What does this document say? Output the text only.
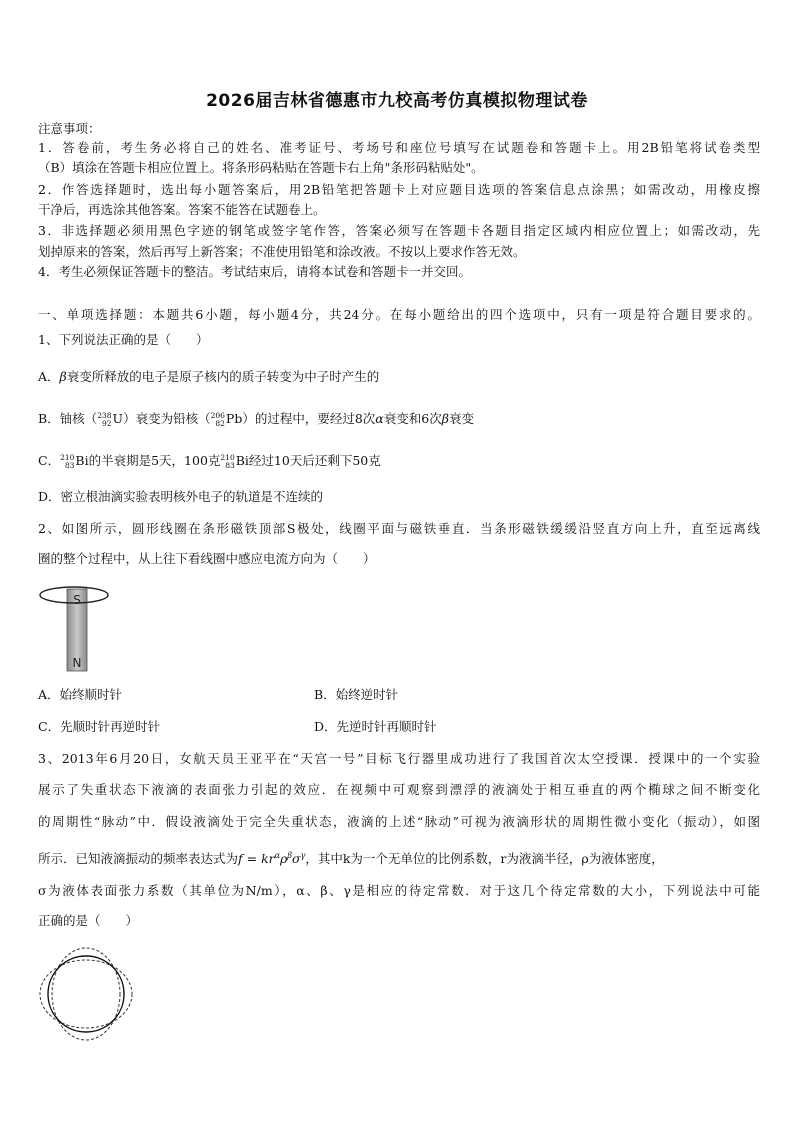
2026届吉林省德惠市九校高考仿真模拟物理试卷
注意事项：
1．答卷前，考生务必将自己的姓名、准考证号、考场号和座位号填写在试题卷和答题卡上。用2B铅笔将试卷类型
（B）填涂在答题卡相应位置上。将条形码粘贴在答题卡右上角"条形码粘贴处"。
2．作答选择题时，选出每小题答案后，用2B铅笔把答题卡上对应题目选项的答案信息点涂黑；如需改动，用橡皮擦
干净后，再选涂其他答案。答案不能答在试题卷上。
3．非选择题必须用黑色字迹的钢笔或签字笔作答，答案必须写在答题卡各题目指定区域内相应位置上；如需改动，先
划掉原来的答案，然后再写上新答案；不准使用铅笔和涂改液。不按以上要求作答无效。
4．考生必须保证答题卡的整洁。考试结束后，请将本试卷和答题卡一并交回。
一、单项选择题：本题共6小题，每小题4分，共24分。在每小题给出的四个选项中，只有一项是符合题目要求的。
1、下列说法正确的是（　　）
A．β衰变所释放的电子是原子核内的质子转变为中子时产生的
B．铀核（ 238
92 U）衰变为铅核（ 206
82 Pb）的过程中，要经过8次α衰变和6次β衰变
C． 210
83 Bi的半衰期是5天，100克 210
83 Bi经过10天后还剩下50克
D．密立根油滴实验表明核外电子的轨道是不连续的
2、如图所示，圆形线圈在条形磁铁顶部S极处，线圈平面与磁铁垂直．当条形磁铁缓缓沿竖直方向上升，直至远离线
圈的整个过程中，从上往下看线圈中感应电流方向为（　　）
S
N
A．始终顺时针	B．始终逆时针
C．先顺时针再逆时针	D．先逆时针再顺时针
3、2013年6月20日，女航天员王亚平在“天宫一号”目标飞行器里成功进行了我国首次太空授课．授课中的一个实验
展示了失重状态下液滴的表面张力引起的效应．在视频中可观察到漂浮的液滴处于相互垂直的两个椭球之间不断变化
的周期性“脉动”中．假设液滴处于完全失重状态，液滴的上述“脉动”可视为液滴形状的周期性微小变化（振动），如图
所示．已知液滴振动的频率表达式为$f = kr^\alpha\rho^\beta\sigma^\gamma$，其中k为一个无单位的比例系数，r为液滴半径，ρ为液体密度，
σ为液体表面张力系数（其单位为N/m），α、β、γ是相应的待定常数．对于这几个待定常数的大小，下列说法中可能
正确的是（　　）
